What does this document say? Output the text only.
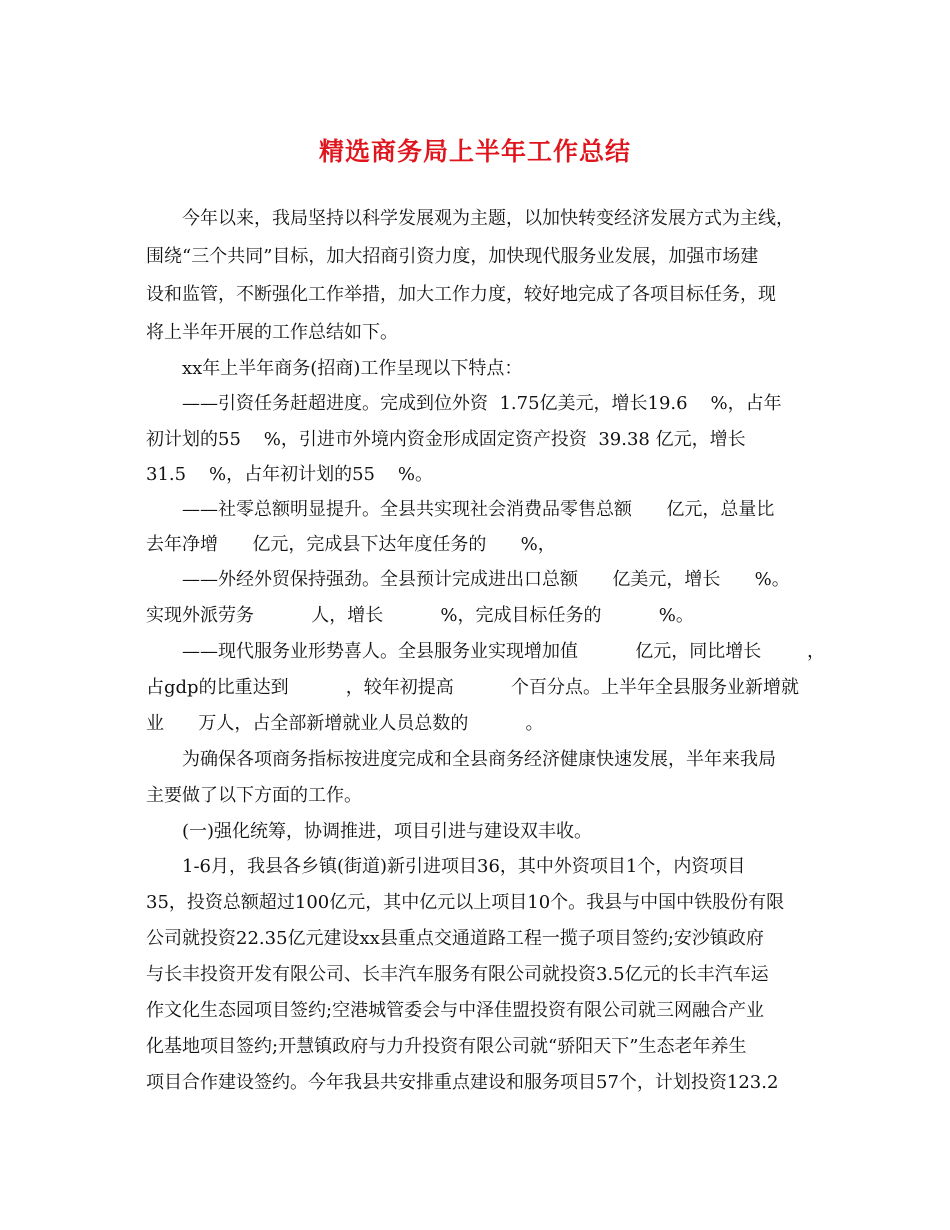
精选商务局上半年工作总结
今年以来，我局坚持以科学发展观为主题，以加快转变经济发展方式为主线，
围绕“三个共同”目标，加大招商引资力度，加快现代服务业发展，加强市场建
设和监管，不断强化工作举措，加大工作力度，较好地完成了各项目标任务，现
将上半年开展的工作总结如下。
xx年上半年商务(招商)工作呈现以下特点：
——引资任务赶超进度。完成到位外资  1.75亿美元，增长19.6    %，占年
初计划的55    %，引进市外境内资金形成固定资产投资  39.38 亿元，增长
31.5    %，占年初计划的55    %。
——社零总额明显提升。全县共实现社会消费品零售总额      亿元，总量比
去年净增      亿元，完成县下达年度任务的      %，
——外经外贸保持强劲。全县预计完成进出口总额      亿美元，增长      %。
实现外派劳务          人，增长          %，完成目标任务的          %。
——现代服务业形势喜人。全县服务业实现增加值          亿元，同比增长        ，
占gdp的比重达到          ，较年初提高          个百分点。上半年全县服务业新增就
业      万人，占全部新增就业人员总数的          。
为确保各项商务指标按进度完成和全县商务经济健康快速发展，半年来我局
主要做了以下方面的工作。
(一)强化统筹，协调推进，项目引进与建设双丰收。
1-6月，我县各乡镇(街道)新引进项目36，其中外资项目1个，内资项目
35，投资总额超过100亿元，其中亿元以上项目10个。我县与中国中铁股份有限
公司就投资22.35亿元建设xx县重点交通道路工程一揽子项目签约;安沙镇政府
与长丰投资开发有限公司、长丰汽车服务有限公司就投资3.5亿元的长丰汽车运
作文化生态园项目签约;空港城管委会与中泽佳盟投资有限公司就三网融合产业
化基地项目签约;开慧镇政府与力升投资有限公司就“骄阳天下”生态老年养生
项目合作建设签约。今年我县共安排重点建设和服务项目57个，计划投资123.2
